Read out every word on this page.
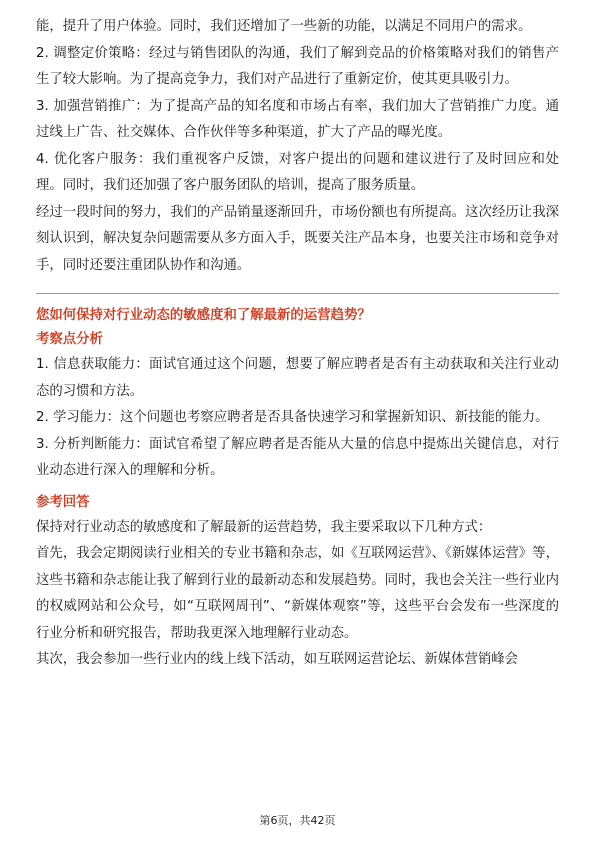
能，提升了用户体验。同时，我们还增加了一些新的功能，以满足不同用户的需求。

2. 调整定价策略：经过与销售团队的沟通，我们了解到竞品的价格策略对我们的销售产生了较大影响。为了提高竞争力，我们对产品进行了重新定价，使其更具吸引力。

3. 加强营销推广：为了提高产品的知名度和市场占有率，我们加大了营销推广力度。通过线上广告、社交媒体、合作伙伴等多种渠道，扩大了产品的曝光度。

4. 优化客户服务：我们重视客户反馈，对客户提出的问题和建议进行了及时回应和处理。同时，我们还加强了客户服务团队的培训，提高了服务质量。

经过一段时间的努力，我们的产品销量逐渐回升，市场份额也有所提高。这次经历让我深刻认识到，解决复杂问题需要从多方面入手，既要关注产品本身，也要关注市场和竞争对手，同时还要注重团队协作和沟通。

您如何保持对行业动态的敏感度和了解最新的运营趋势？

考察点分析

1. 信息获取能力：面试官通过这个问题，想要了解应聘者是否有主动获取和关注行业动态的习惯和方法。

2. 学习能力：这个问题也考察应聘者是否具备快速学习和掌握新知识、新技能的能力。

3. 分析判断能力：面试官希望了解应聘者是否能从大量的信息中提炼出关键信息，对行业动态进行深入的理解和分析。

参考回答

保持对行业动态的敏感度和了解最新的运营趋势，我主要采取以下几种方式：

首先，我会定期阅读行业相关的专业书籍和杂志，如《互联网运营》、《新媒体运营》等，这些书籍和杂志能让我了解到行业的最新动态和发展趋势。同时，我也会关注一些行业内的权威网站和公众号，如“互联网周刊”、“新媒体观察”等，这些平台会发布一些深度的行业分析和研究报告，帮助我更深入地理解行业动态。

其次，我会参加一些行业内的线上线下活动，如互联网运营论坛、新媒体营销峰会

第6页，共42页
